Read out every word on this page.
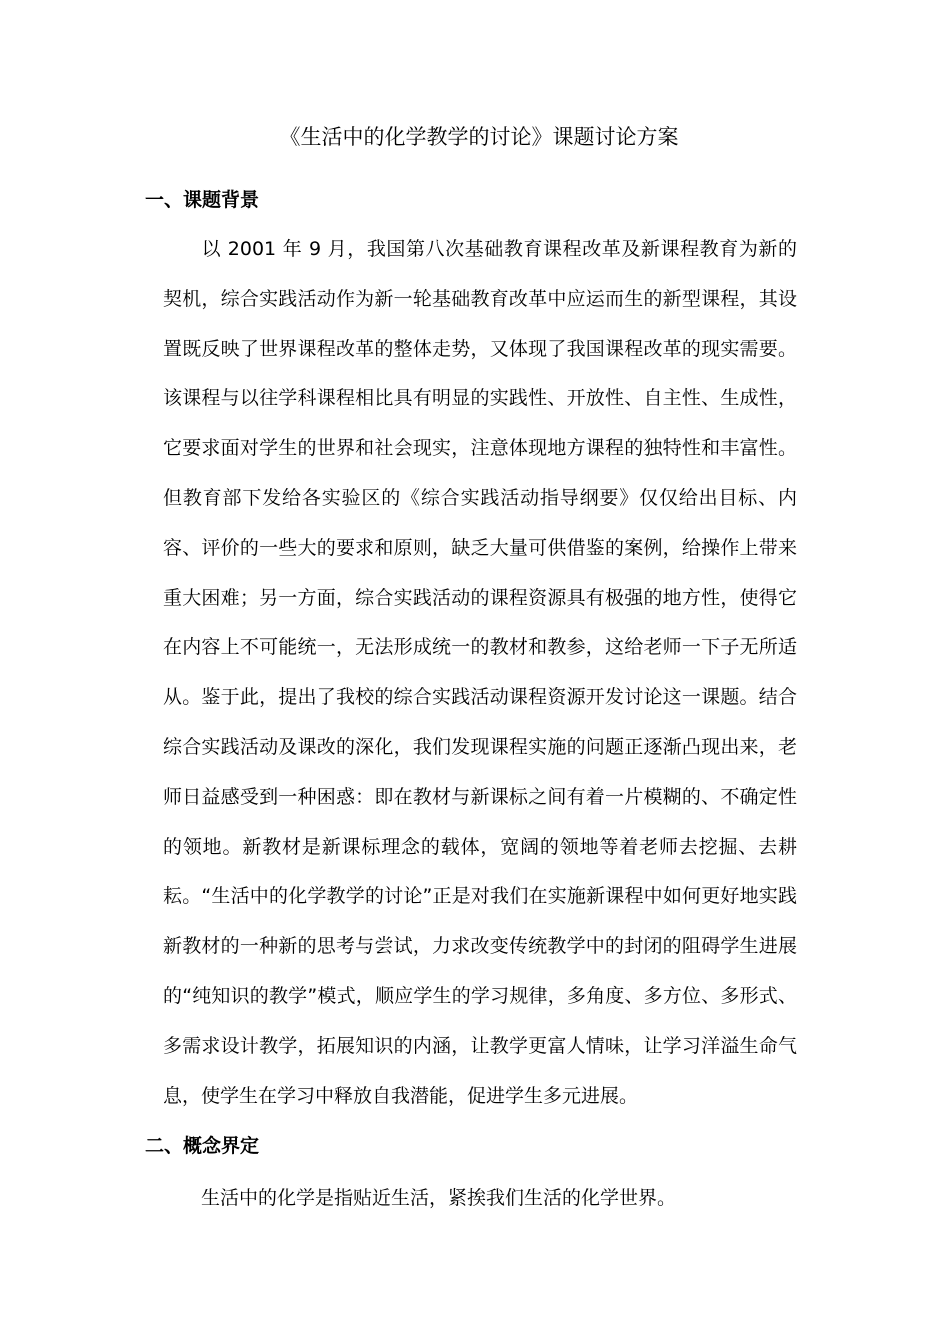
《生活中的化学教学的讨论》课题讨论方案
一、课题背景

以 2001 年 9 月，我国第八次基础教育课程改革及新课程教育为新的契机，综合实践活动作为新一轮基础教育改革中应运而生的新型课程，其设置既反映了世界课程改革的整体走势，又体现了我国课程改革的现实需要。该课程与以往学科课程相比具有明显的实践性、开放性、自主性、生成性，它要求面对学生的世界和社会现实，注意体现地方课程的独特性和丰富性。但教育部下发给各实验区的《综合实践活动指导纲要》仅仅给出目标、内容、评价的一些大的要求和原则，缺乏大量可供借鉴的案例，给操作上带来重大困难；另一方面，综合实践活动的课程资源具有极强的地方性，使得它在内容上不可能统一，无法形成统一的教材和教参，这给老师一下子无所适从。鉴于此，提出了我校的综合实践活动课程资源开发讨论这一课题。结合综合实践活动及课改的深化，我们发现课程实施的问题正逐渐凸现出来，老师日益感受到一种困惑：即在教材与新课标之间有着一片模糊的、不确定性的领地。新教材是新课标理念的载体，宽阔的领地等着老师去挖掘、去耕耘。“生活中的化学教学的讨论”正是对我们在实施新课程中如何更好地实践新教材的一种新的思考与尝试，力求改变传统教学中的封闭的阻碍学生进展的“纯知识的教学”模式，顺应学生的学习规律，多角度、多方位、多形式、多需求设计教学，拓展知识的内涵，让教学更富人情味，让学习洋溢生命气息，使学生在学习中释放自我潜能，促进学生多元进展。

二、概念界定

生活中的化学是指贴近生活，紧挨我们生活的化学世界。
